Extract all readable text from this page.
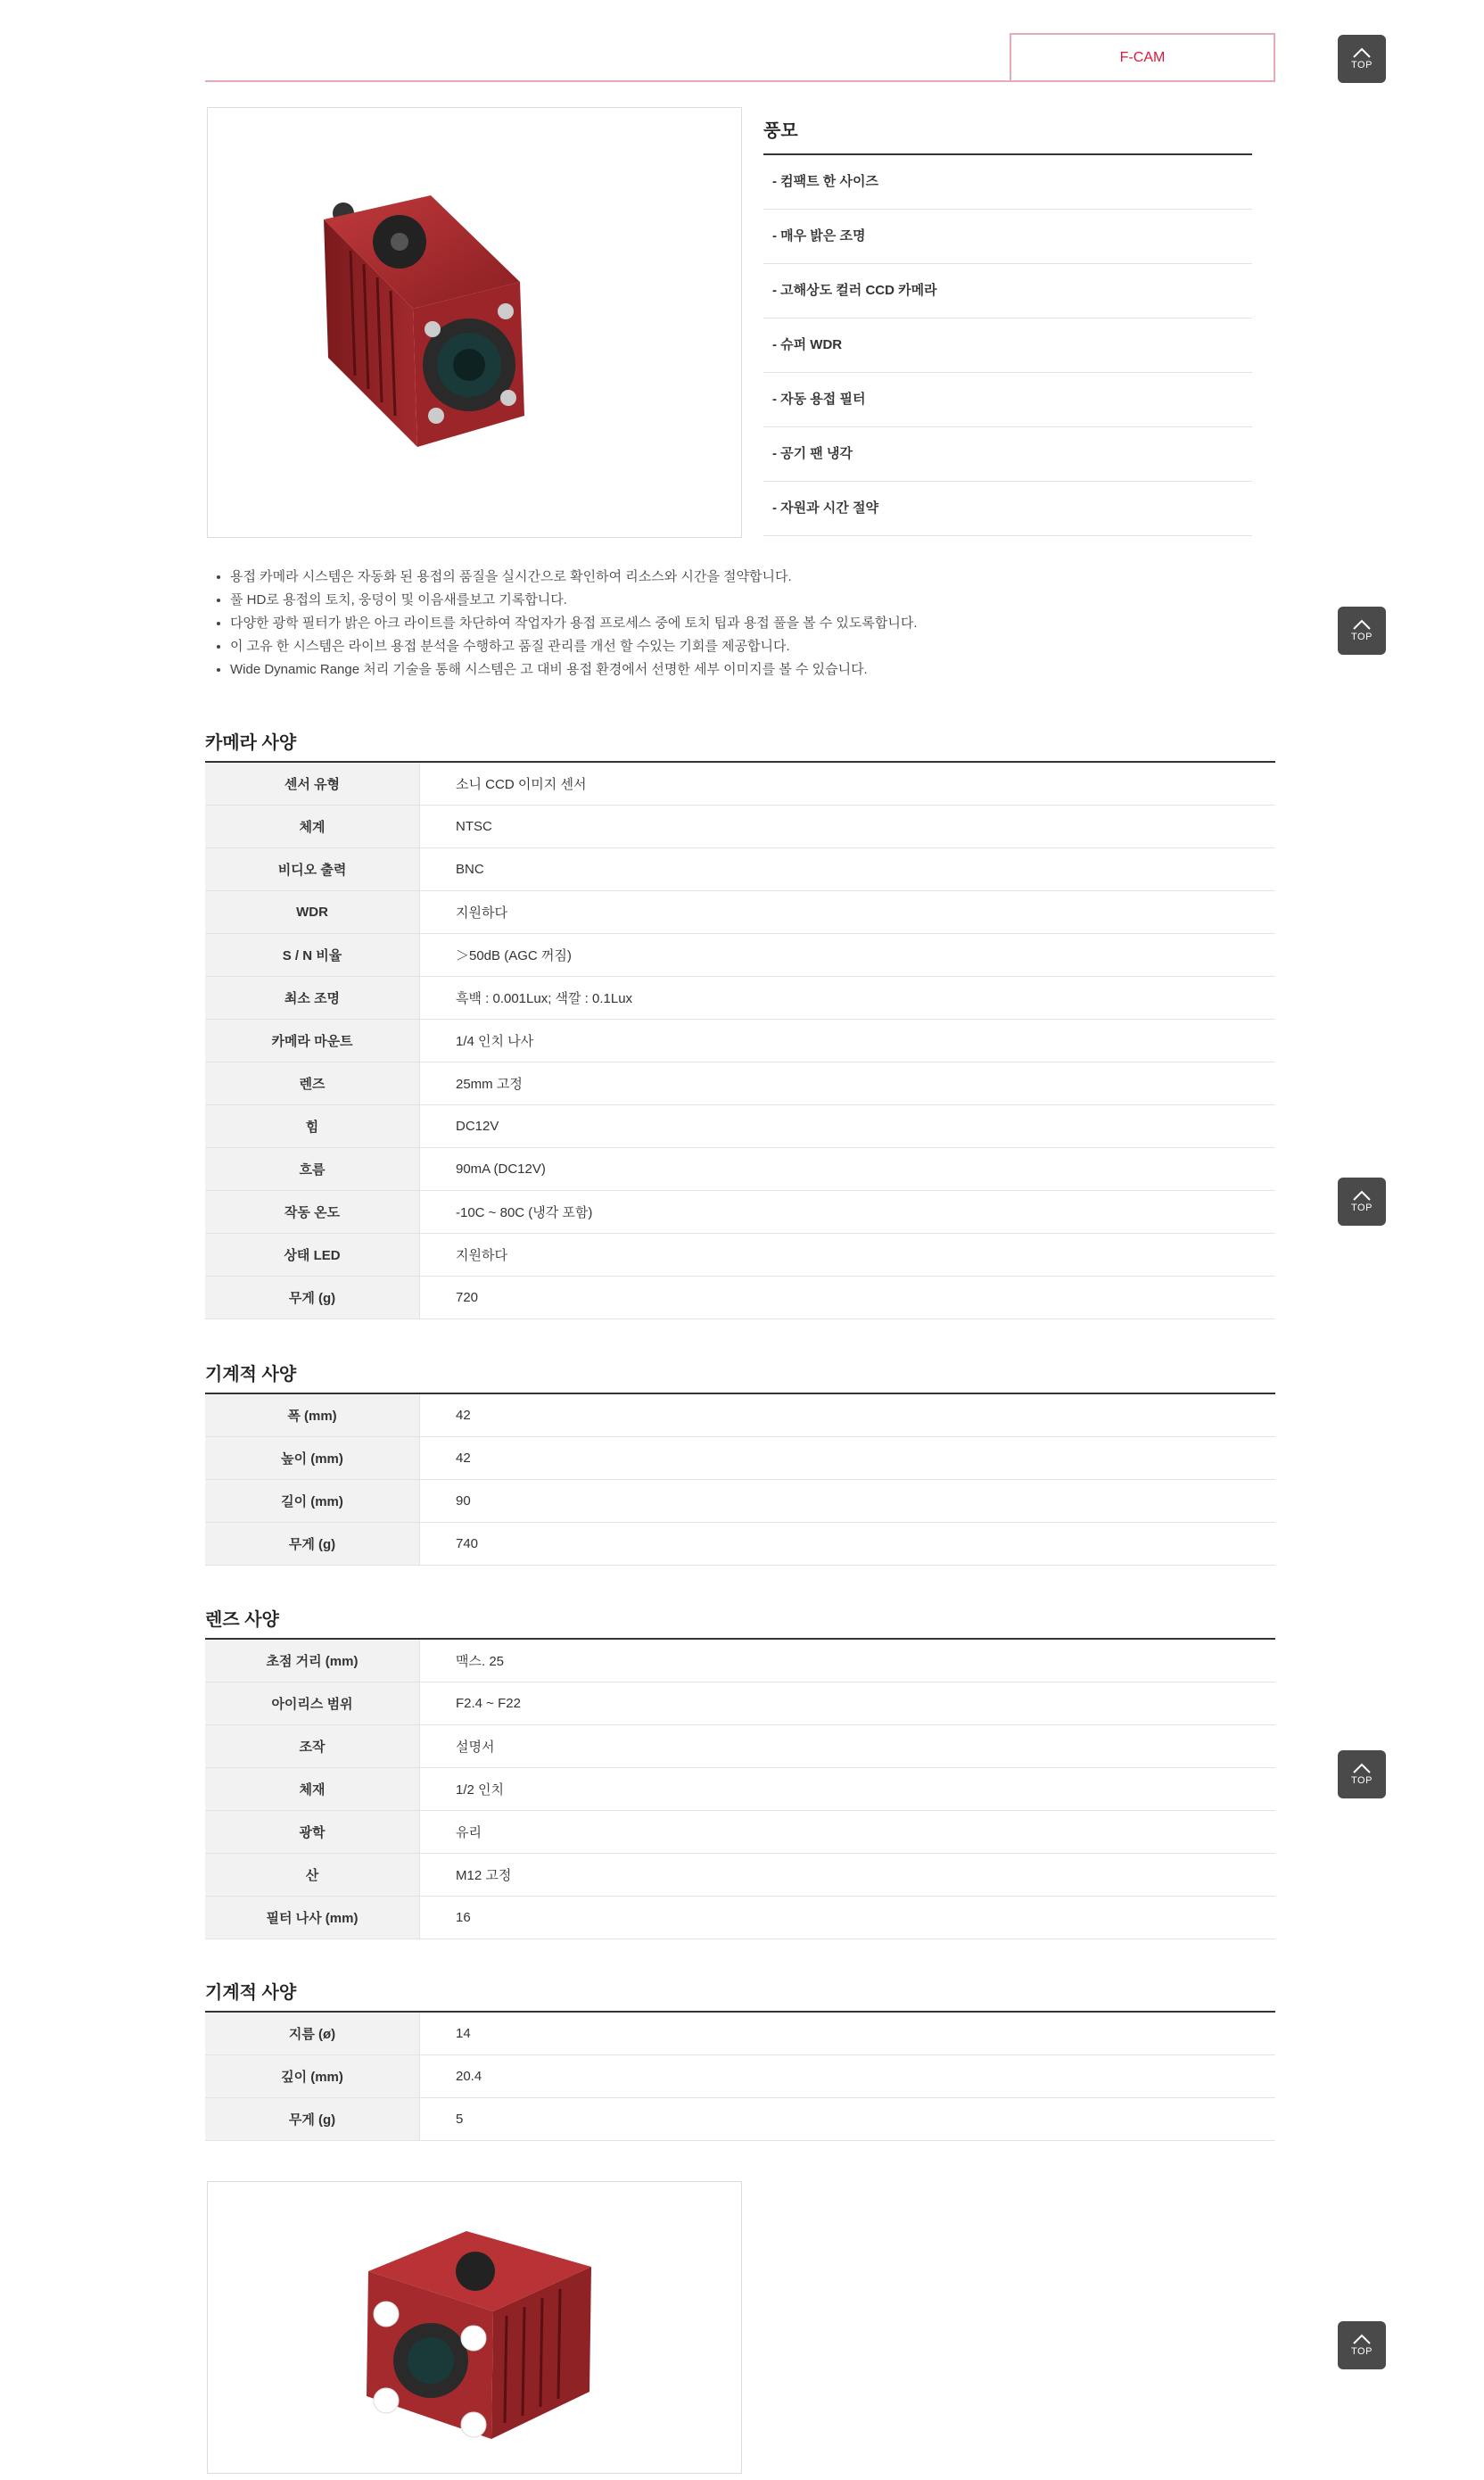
F-CAM
풍모
- 컴팩트 한 사이즈
- 매우 밝은 조명
- 고해상도 컬러 CCD 카메라
- 슈퍼 WDR
- 자동 용접 필터
- 공기 팬 냉각
- 자원과 시간 절약
• 용접 카메라 시스템은 자동화 된 용접의 품질을 실시간으로 확인하여 리소스와 시간을 절약합니다.
• 풀 HD로 용접의 토치, 웅덩이 및 이음새를보고 기록합니다.
• 다양한 광학 필터가 밝은 아크 라이트를 차단하여 작업자가 용접 프로세스 중에 토치 팁과 용접 풀을 볼 수 있도록합니다.
• 이 고유 한 시스템은 라이브 용접 분석을 수행하고 품질 관리를 개선 할 수있는 기회를 제공합니다.
• Wide Dynamic Range 처리 기술을 통해 시스템은 고 대비 용접 환경에서 선명한 세부 이미지를 볼 수 있습니다.
카메라 사양
센서 유형	소니 CCD 이미지 센서
체계	NTSC
비디오 출력	BNC
WDR	지원하다
S / N 비율	＞50dB (AGC 꺼짐)
최소 조명	흑백 : 0.001Lux; 색깔 : 0.1Lux
카메라 마운트	1/4 인치 나사
렌즈	25mm 고정
힘	DC12V
흐름	90mA (DC12V)
작동 온도	-10C ~ 80C (냉각 포함)
상태 LED	지원하다
무게 (g)	720
기계적 사양
폭 (mm)	42
높이 (mm)	42
길이 (mm)	90
무게 (g)	740
렌즈 사양
초점 거리 (mm)	맥스. 25
아이리스 범위	F2.4 ~ F22
조작	설명서
체재	1/2 인치
광학	유리
산	M12 고정
필터 나사 (mm)	16
기계적 사양
지름 (ø)	14
깊이 (mm)	20.4
무게 (g)	5
TOP
TOP
TOP
TOP
TOP
